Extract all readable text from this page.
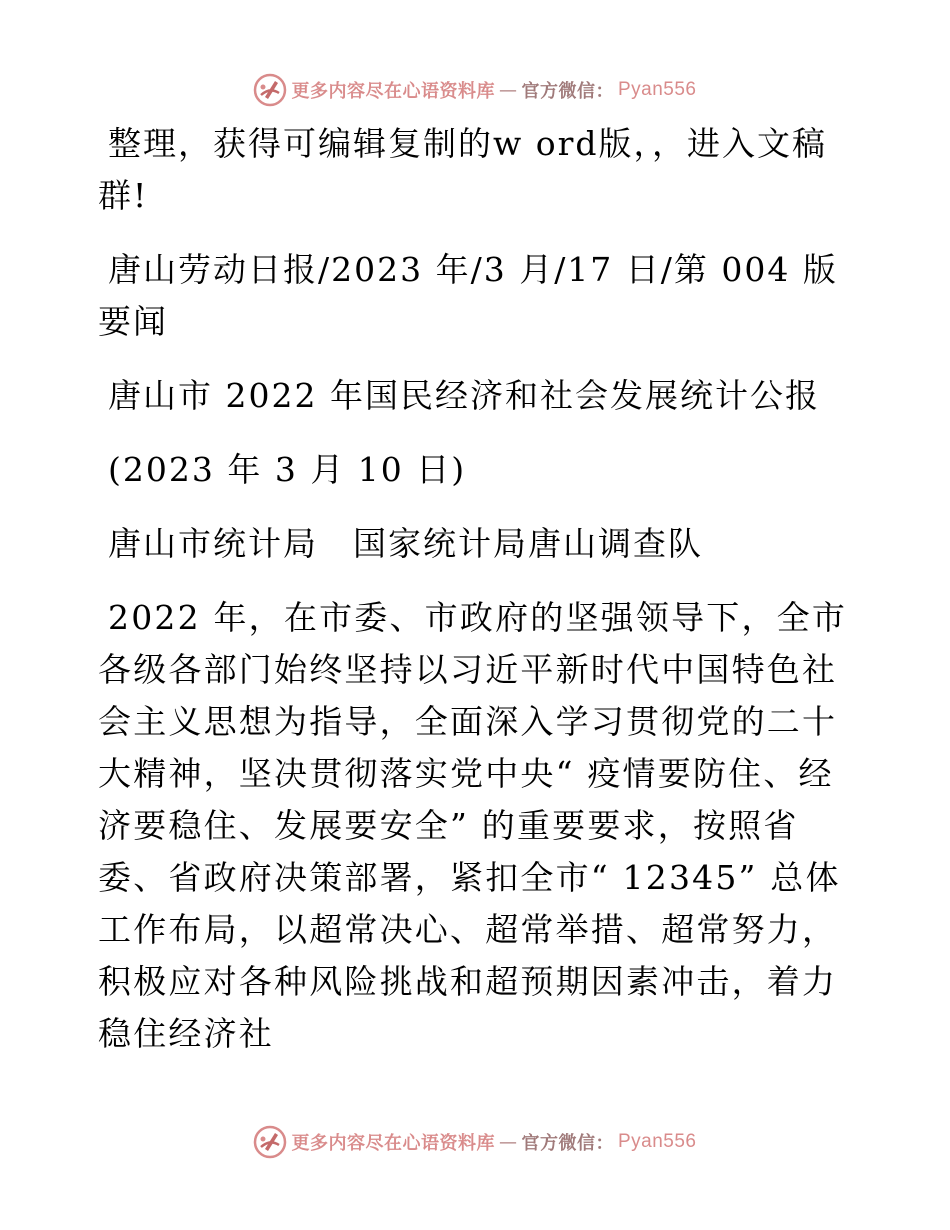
更多内容尽在心语资料库 — 官方微信： Pyan556

整理，获得可编辑复制的w ord版，，进入文稿群!

唐山劳动日报/2023 年/3 月/17 日/第 004 版要闻

唐山市 2022 年国民经济和社会发展统计公报

(2023 年 3 月 10 日)

唐山市统计局　国家统计局唐山调查队

2022 年，在市委、市政府的坚强领导下，全市各级各部门始终坚持以习近平新时代中国特色社会主义思想为指导，全面深入学习贯彻党的二十大精神，坚决贯彻落实党中央“ 疫情要防住、经济要稳住、发展要安全” 的重要要求，按照省委、省政府决策部署，紧扣全市“ 12345” 总体工作布局，以超常决心、超常举措、超常努力，积极应对各种风险挑战和超预期因素冲击，着力稳住经济社

更多内容尽在心语资料库 — 官方微信： Pyan556
